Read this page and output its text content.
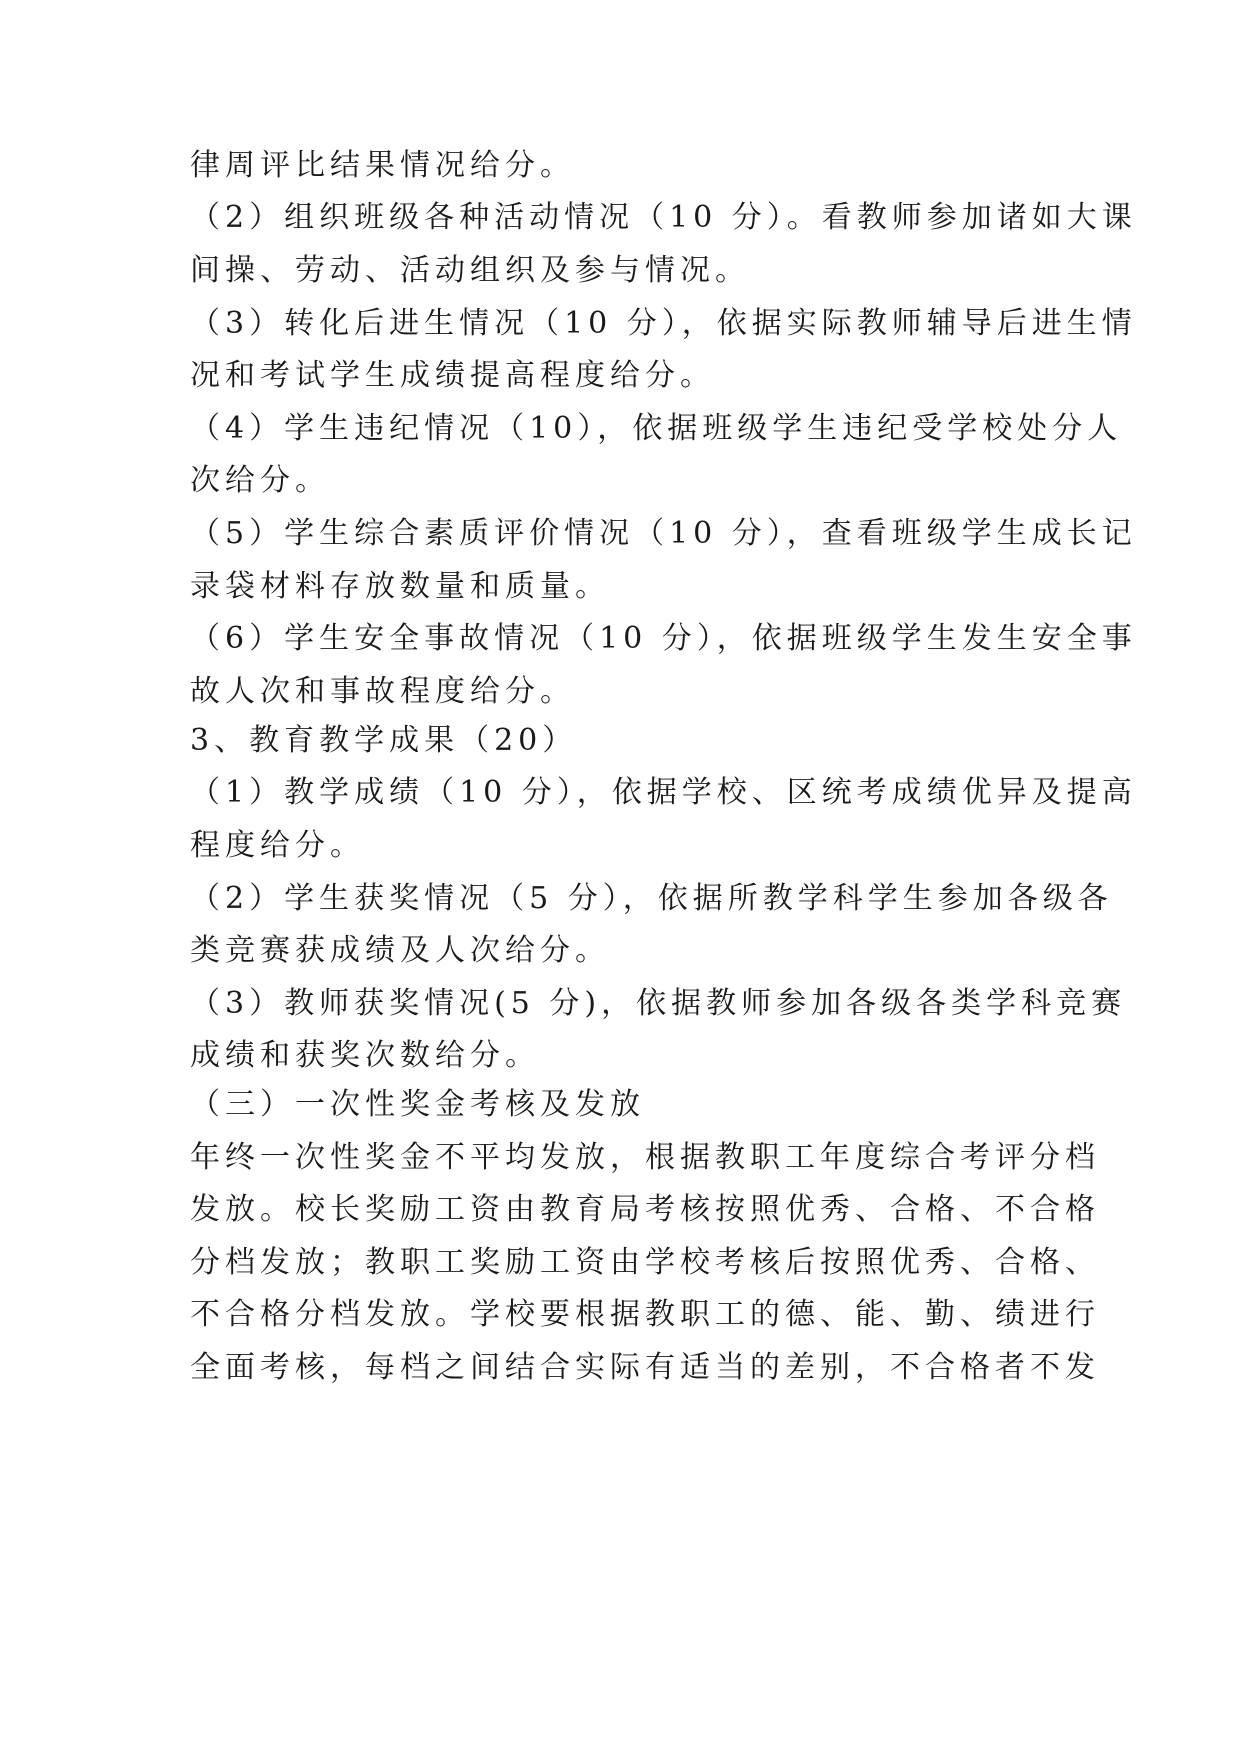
律周评比结果情况给分。
（2）组织班级各种活动情况（10 分）。看教师参加诸如大课
间操、劳动、活动组织及参与情况。
（3）转化后进生情况（10 分），依据实际教师辅导后进生情
况和考试学生成绩提高程度给分。
（4）学生违纪情况（10），依据班级学生违纪受学校处分人
次给分。
（5）学生综合素质评价情况（10 分），查看班级学生成长记
录袋材料存放数量和质量。
（6）学生安全事故情况（10 分），依据班级学生发生安全事
故人次和事故程度给分。
3、教育教学成果（20）
（1）教学成绩（10 分），依据学校、区统考成绩优异及提高
程度给分。
（2）学生获奖情况（5 分），依据所教学科学生参加各级各
类竞赛获成绩及人次给分。
（3）教师获奖情况(5 分)，依据教师参加各级各类学科竞赛
成绩和获奖次数给分。
（三）一次性奖金考核及发放
年终一次性奖金不平均发放，根据教职工年度综合考评分档
发放。校长奖励工资由教育局考核按照优秀、合格、不合格
分档发放；教职工奖励工资由学校考核后按照优秀、合格、
不合格分档发放。学校要根据教职工的德、能、勤、绩进行
全面考核，每档之间结合实际有适当的差别，不合格者不发
